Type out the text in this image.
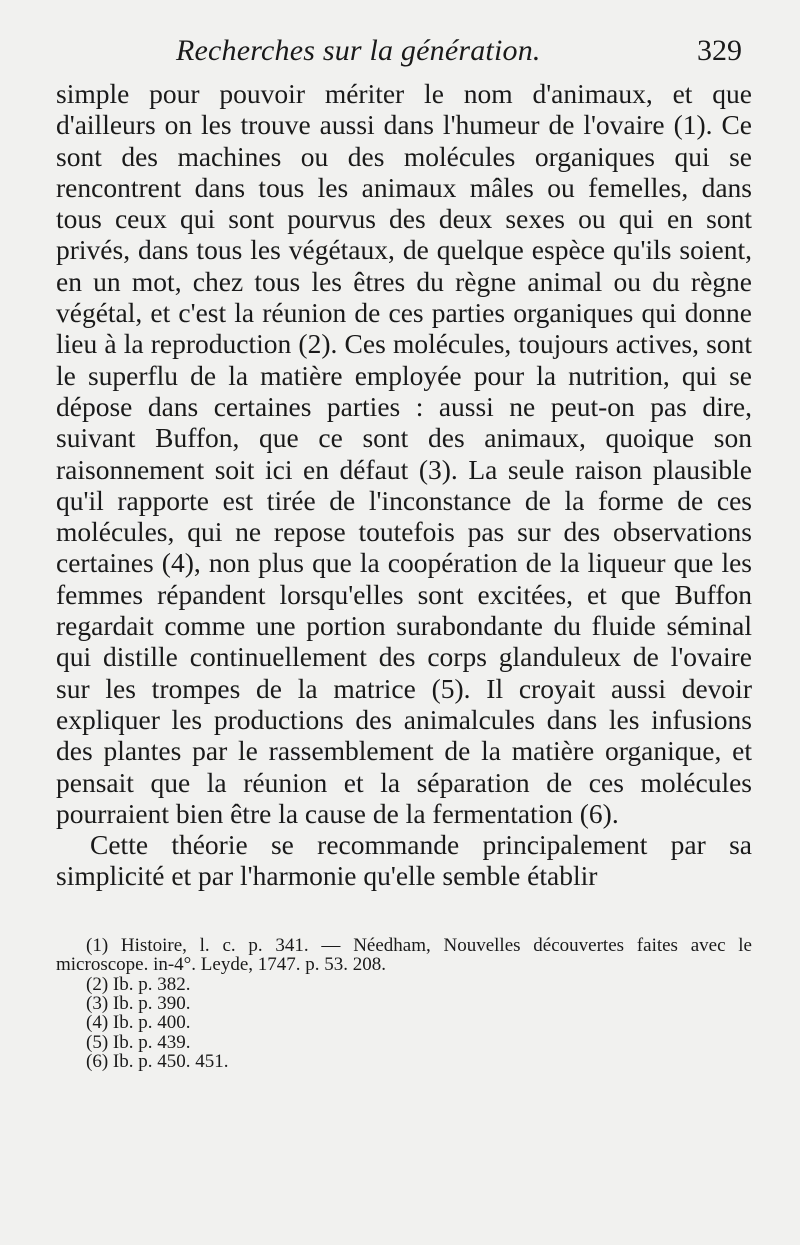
Recherches sur la génération.	329

simple pour pouvoir mériter le nom d'animaux, et que d'ailleurs on les trouve aussi dans l'humeur de l'ovaire (1). Ce sont des machines ou des molécules organiques qui se rencontrent dans tous les animaux mâles ou femelles, dans tous ceux qui sont pourvus des deux sexes ou qui en sont privés, dans tous les végétaux, de quelque espèce qu'ils soient, en un mot, chez tous les êtres du règne animal ou du règne végétal, et c'est la réunion de ces parties organiques qui donne lieu à la reproduction (2). Ces molécules, toujours actives, sont le superflu de la matière employée pour la nutrition, qui se dépose dans certaines parties : aussi ne peut-on pas dire, suivant Buffon, que ce sont des animaux, quoique son raisonnement soit ici en défaut (3). La seule raison plausible qu'il rapporte est tirée de l'inconstance de la forme de ces molécules, qui ne repose toutefois pas sur des observations certaines (4), non plus que la coopération de la liqueur que les femmes répandent lorsqu'elles sont excitées, et que Buffon regardait comme une portion surabondante du fluide séminal qui distille continuellement des corps glanduleux de l'ovaire sur les trompes de la matrice (5). Il croyait aussi devoir expliquer les productions des animalcules dans les infusions des plantes par le rassemblement de la matière organique, et pensait que la réunion et la séparation de ces molécules pourraient bien être la cause de la fermentation (6).

Cette théorie se recommande principalement par sa simplicité et par l'harmonie qu'elle semble établir

(1) Histoire, l. c. p. 341. — Néedham, Nouvelles découvertes faites avec le microscope. in-4°. Leyde, 1747. p. 53. 208.

(2) Ib. p. 382.

(3) Ib. p. 390.

(4) Ib. p. 400.

(5) Ib. p. 439.

(6) Ib. p. 450. 451.
